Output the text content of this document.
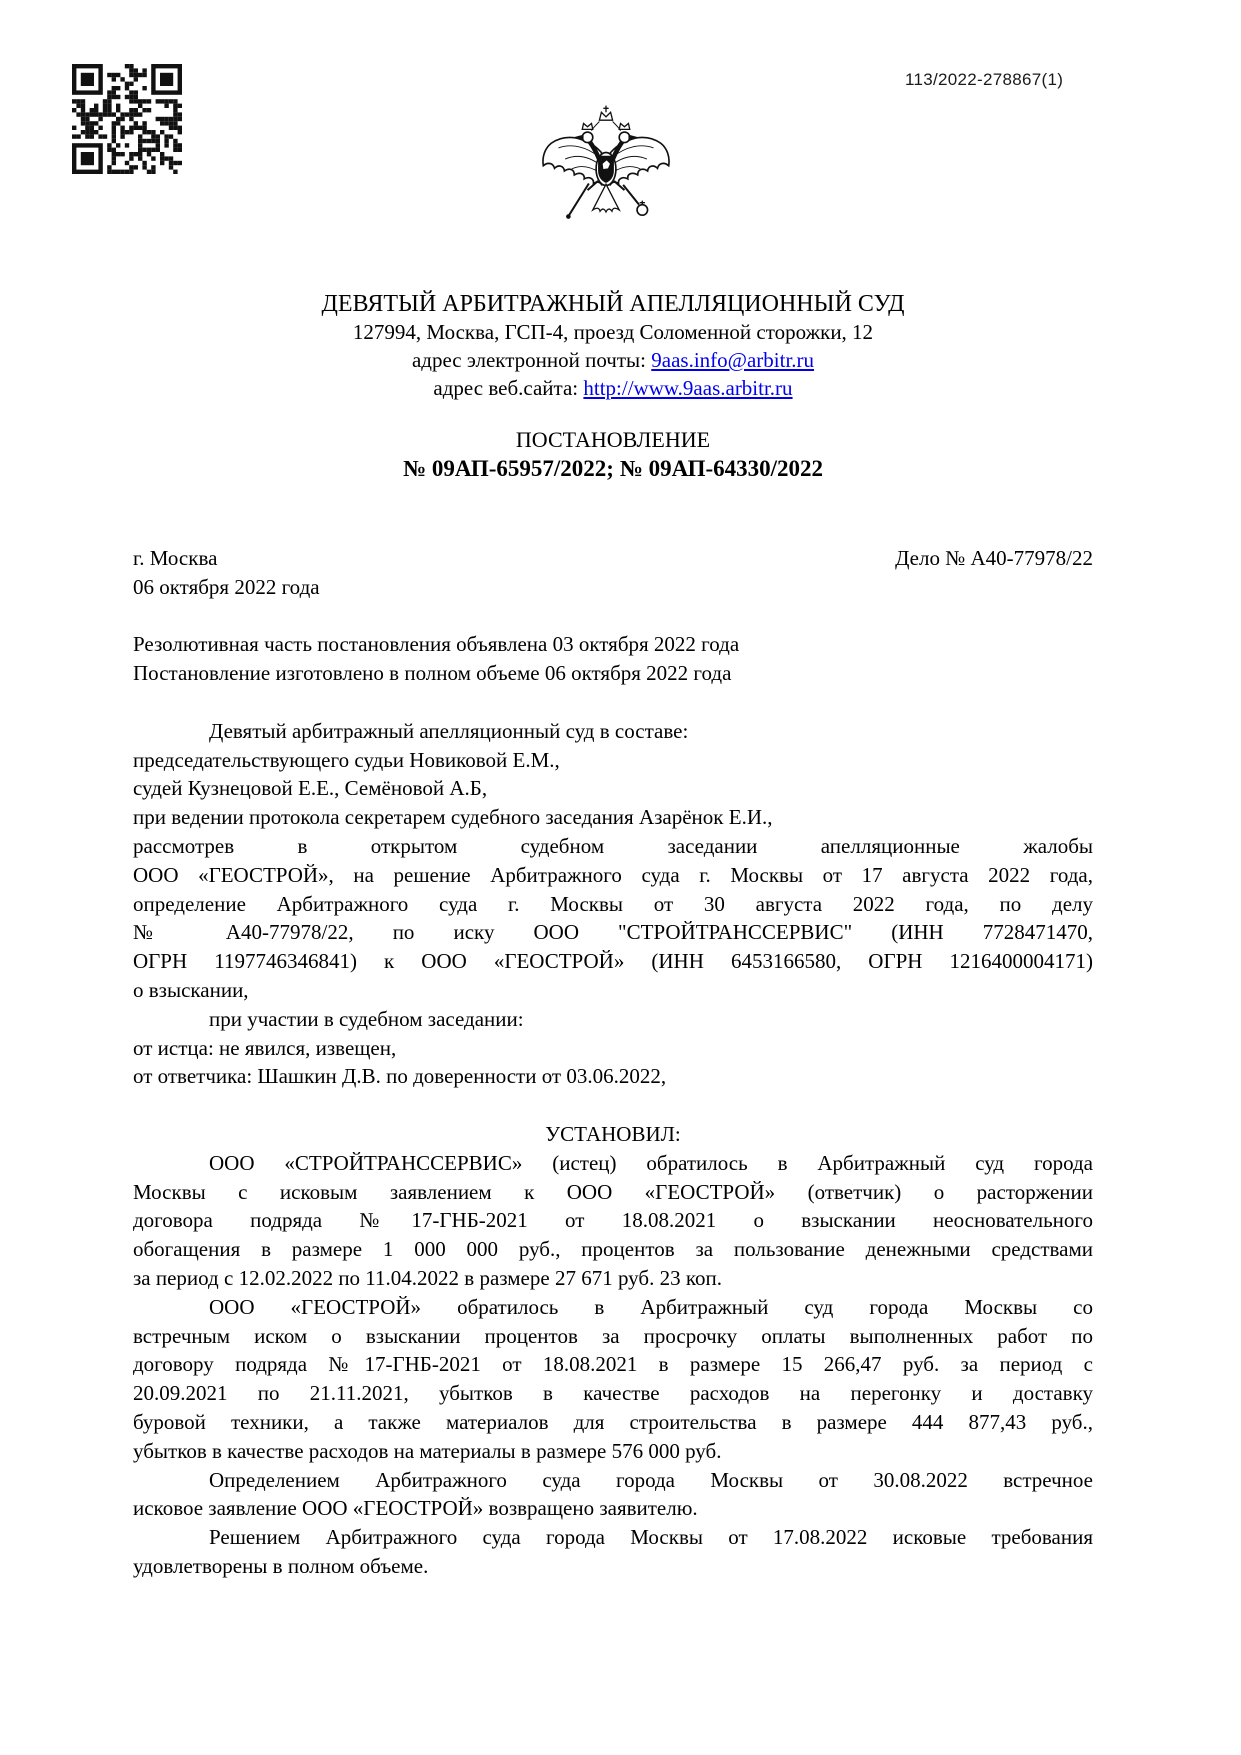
113/2022-278867(1)
ДЕВЯТЫЙ АРБИТРАЖНЫЙ АПЕЛЛЯЦИОННЫЙ СУД
127994, Москва, ГСП-4, проезд Соломенной сторожки, 12
адрес электронной почты: 9aas.info@arbitr.ru
адрес веб.сайта: http://www.9aas.arbitr.ru
ПОСТАНОВЛЕНИЕ
№ 09АП-65957/2022; № 09АП-64330/2022
г. Москва	Дело № А40-77978/22
06 октября 2022 года

Резолютивная часть постановления объявлена 03 октября 2022 года
Постановление изготовлено в полном объеме 06 октября 2022 года

Девятый арбитражный апелляционный суд в составе:
председательствующего судьи Новиковой Е.М.,
судей Кузнецовой Е.Е., Семёновой А.Б,
при ведении протокола секретарем судебного заседания Азарёнок Е.И.,
рассмотрев в открытом судебном заседании апелляционные жалобы
ООО «ГЕОСТРОЙ», на решение Арбитражного суда г. Москвы от 17 августа 2022 года,
определение Арбитражного суда г. Москвы от 30 августа 2022 года, по делу
№ А40-77978/22, по иску ООО "СТРОЙТРАНССЕРВИС" (ИНН 7728471470,
ОГРН 1197746346841) к ООО «ГЕОСТРОЙ» (ИНН 6453166580, ОГРН 1216400004171)
о взыскании,
при участии в судебном заседании:
от истца: не явился, извещен,
от ответчика: Шашкин Д.В. по доверенности от 03.06.2022,

УСТАНОВИЛ:
ООО «СТРОЙТРАНССЕРВИС» (истец) обратилось в Арбитражный суд города
Москвы с исковым заявлением к ООО «ГЕОСТРОЙ» (ответчик) о расторжении
договора подряда №17-ГНБ-2021 от 18.08.2021 о взыскании неосновательного
обогащения в размере 1 000 000 руб., процентов за пользование денежными средствами
за период с 12.02.2022 по 11.04.2022 в размере 27 671 руб. 23 коп.
ООО «ГЕОСТРОЙ» обратилось в Арбитражный суд города Москвы со
встречным иском о взыскании процентов за просрочку оплаты выполненных работ по
договору подряда №17-ГНБ-2021 от 18.08.2021 в размере 15 266,47 руб. за период с
20.09.2021 по 21.11.2021, убытков в качестве расходов на перегонку и доставку
буровой техники, а также материалов для строительства в размере 444 877,43 руб.,
убытков в качестве расходов на материалы в размере 576 000 руб.
Определением Арбитражного суда города Москвы от 30.08.2022 встречное
исковое заявление ООО «ГЕОСТРОЙ» возвращено заявителю.
Решением Арбитражного суда города Москвы от 17.08.2022 исковые требования
удовлетворены в полном объеме.
